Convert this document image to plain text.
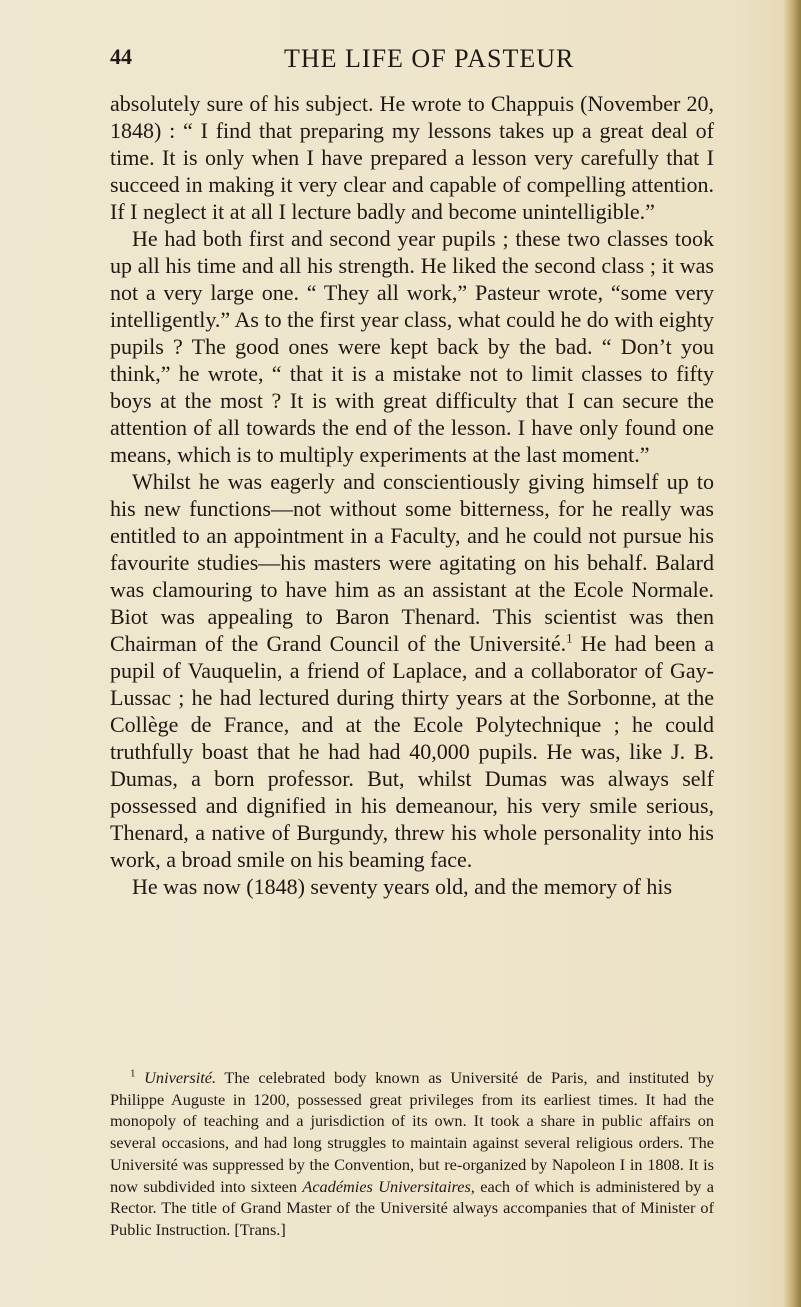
44	THE LIFE OF PASTEUR

absolutely sure of his subject. He wrote to Chappuis (November 20, 1848) : “ I find that preparing my lessons takes up a great deal of time. It is only when I have prepared a lesson very carefully that I succeed in making it very clear and capable of compelling attention. If I neglect it at all I lecture badly and become unintelligible.”

He had both first and second year pupils ; these two classes took up all his time and all his strength. He liked the second class ; it was not a very large one. “ They all work,” Pasteur wrote, “some very intelligently.” As to the first year class, what could he do with eighty pupils ? The good ones were kept back by the bad. “ Don’t you think,” he wrote, “ that it is a mistake not to limit classes to fifty boys at the most ? It is with great difficulty that I can secure the attention of all towards the end of the lesson. I have only found one means, which is to multiply experiments at the last moment.”

Whilst he was eagerly and conscientiously giving himself up to his new functions—not without some bitterness, for he really was entitled to an appointment in a Faculty, and he could not pursue his favourite studies—his masters were agitating on his behalf. Balard was clamouring to have him as an assistant at the Ecole Normale. Biot was appealing to Baron Thenard. This scientist was then Chairman of the Grand Council of the Université.$^1$ He had been a pupil of Vauquelin, a friend of Laplace, and a collaborator of Gay-Lussac ; he had lectured during thirty years at the Sorbonne, at the Collège de France, and at the Ecole Polytechnique ; he could truthfully boast that he had had 40,000 pupils. He was, like J. B. Dumas, a born professor. But, whilst Dumas was always self possessed and dignified in his demeanour, his very smile serious, Thenard, a native of Burgundy, threw his whole personality into his work, a broad smile on his beaming face.

He was now (1848) seventy years old, and the memory of his

$^1$ Université. The celebrated body known as Université de Paris, and instituted by Philippe Auguste in 1200, possessed great privileges from its earliest times. It had the monopoly of teaching and a jurisdiction of its own. It took a share in public affairs on several occasions, and had long struggles to maintain against several religious orders. The Université was suppressed by the Convention, but re-organized by Napoleon I in 1808. It is now subdivided into sixteen Académies Universitaires, each of which is administered by a Rector. The title of Grand Master of the Université always accompanies that of Minister of Public Instruction. [Trans.]
